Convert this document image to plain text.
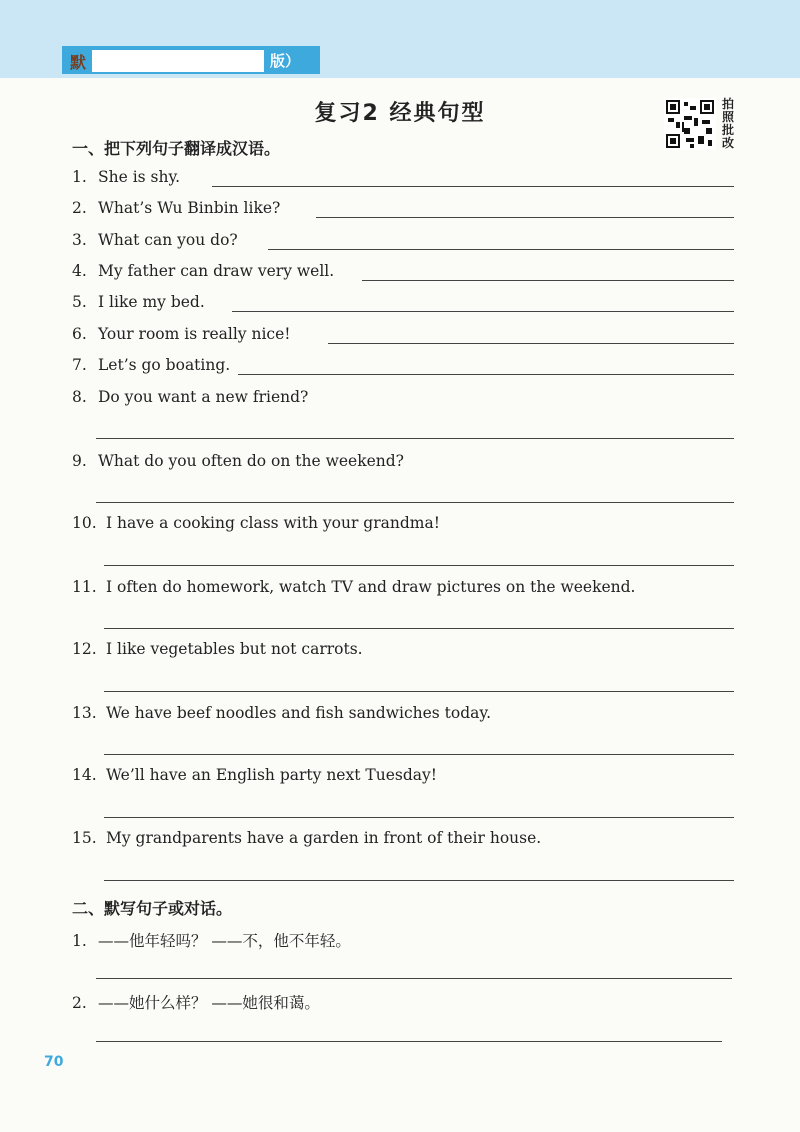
默	版）
复习2 经典句型	拍照批改
一、把下列句子翻译成汉语。
1. She is shy.
2. What’s Wu Binbin like?
3. What can you do?
4. My father can draw very well.
5. I like my bed.
6. Your room is really nice!
7. Let’s go boating.
8. Do you want a new friend?
9. What do you often do on the weekend?
10. I have a cooking class with your grandma!
11. I often do homework, watch TV and draw pictures on the weekend.
12. I like vegetables but not carrots.
13. We have beef noodles and fish sandwiches today.
14. We’ll have an English party next Tuesday!
15. My grandparents have a garden in front of their house.
二、默写句子或对话。
1. ——他年轻吗？ ——不，他不年轻。
2. ——她什么样？ ——她很和蔼。
70
